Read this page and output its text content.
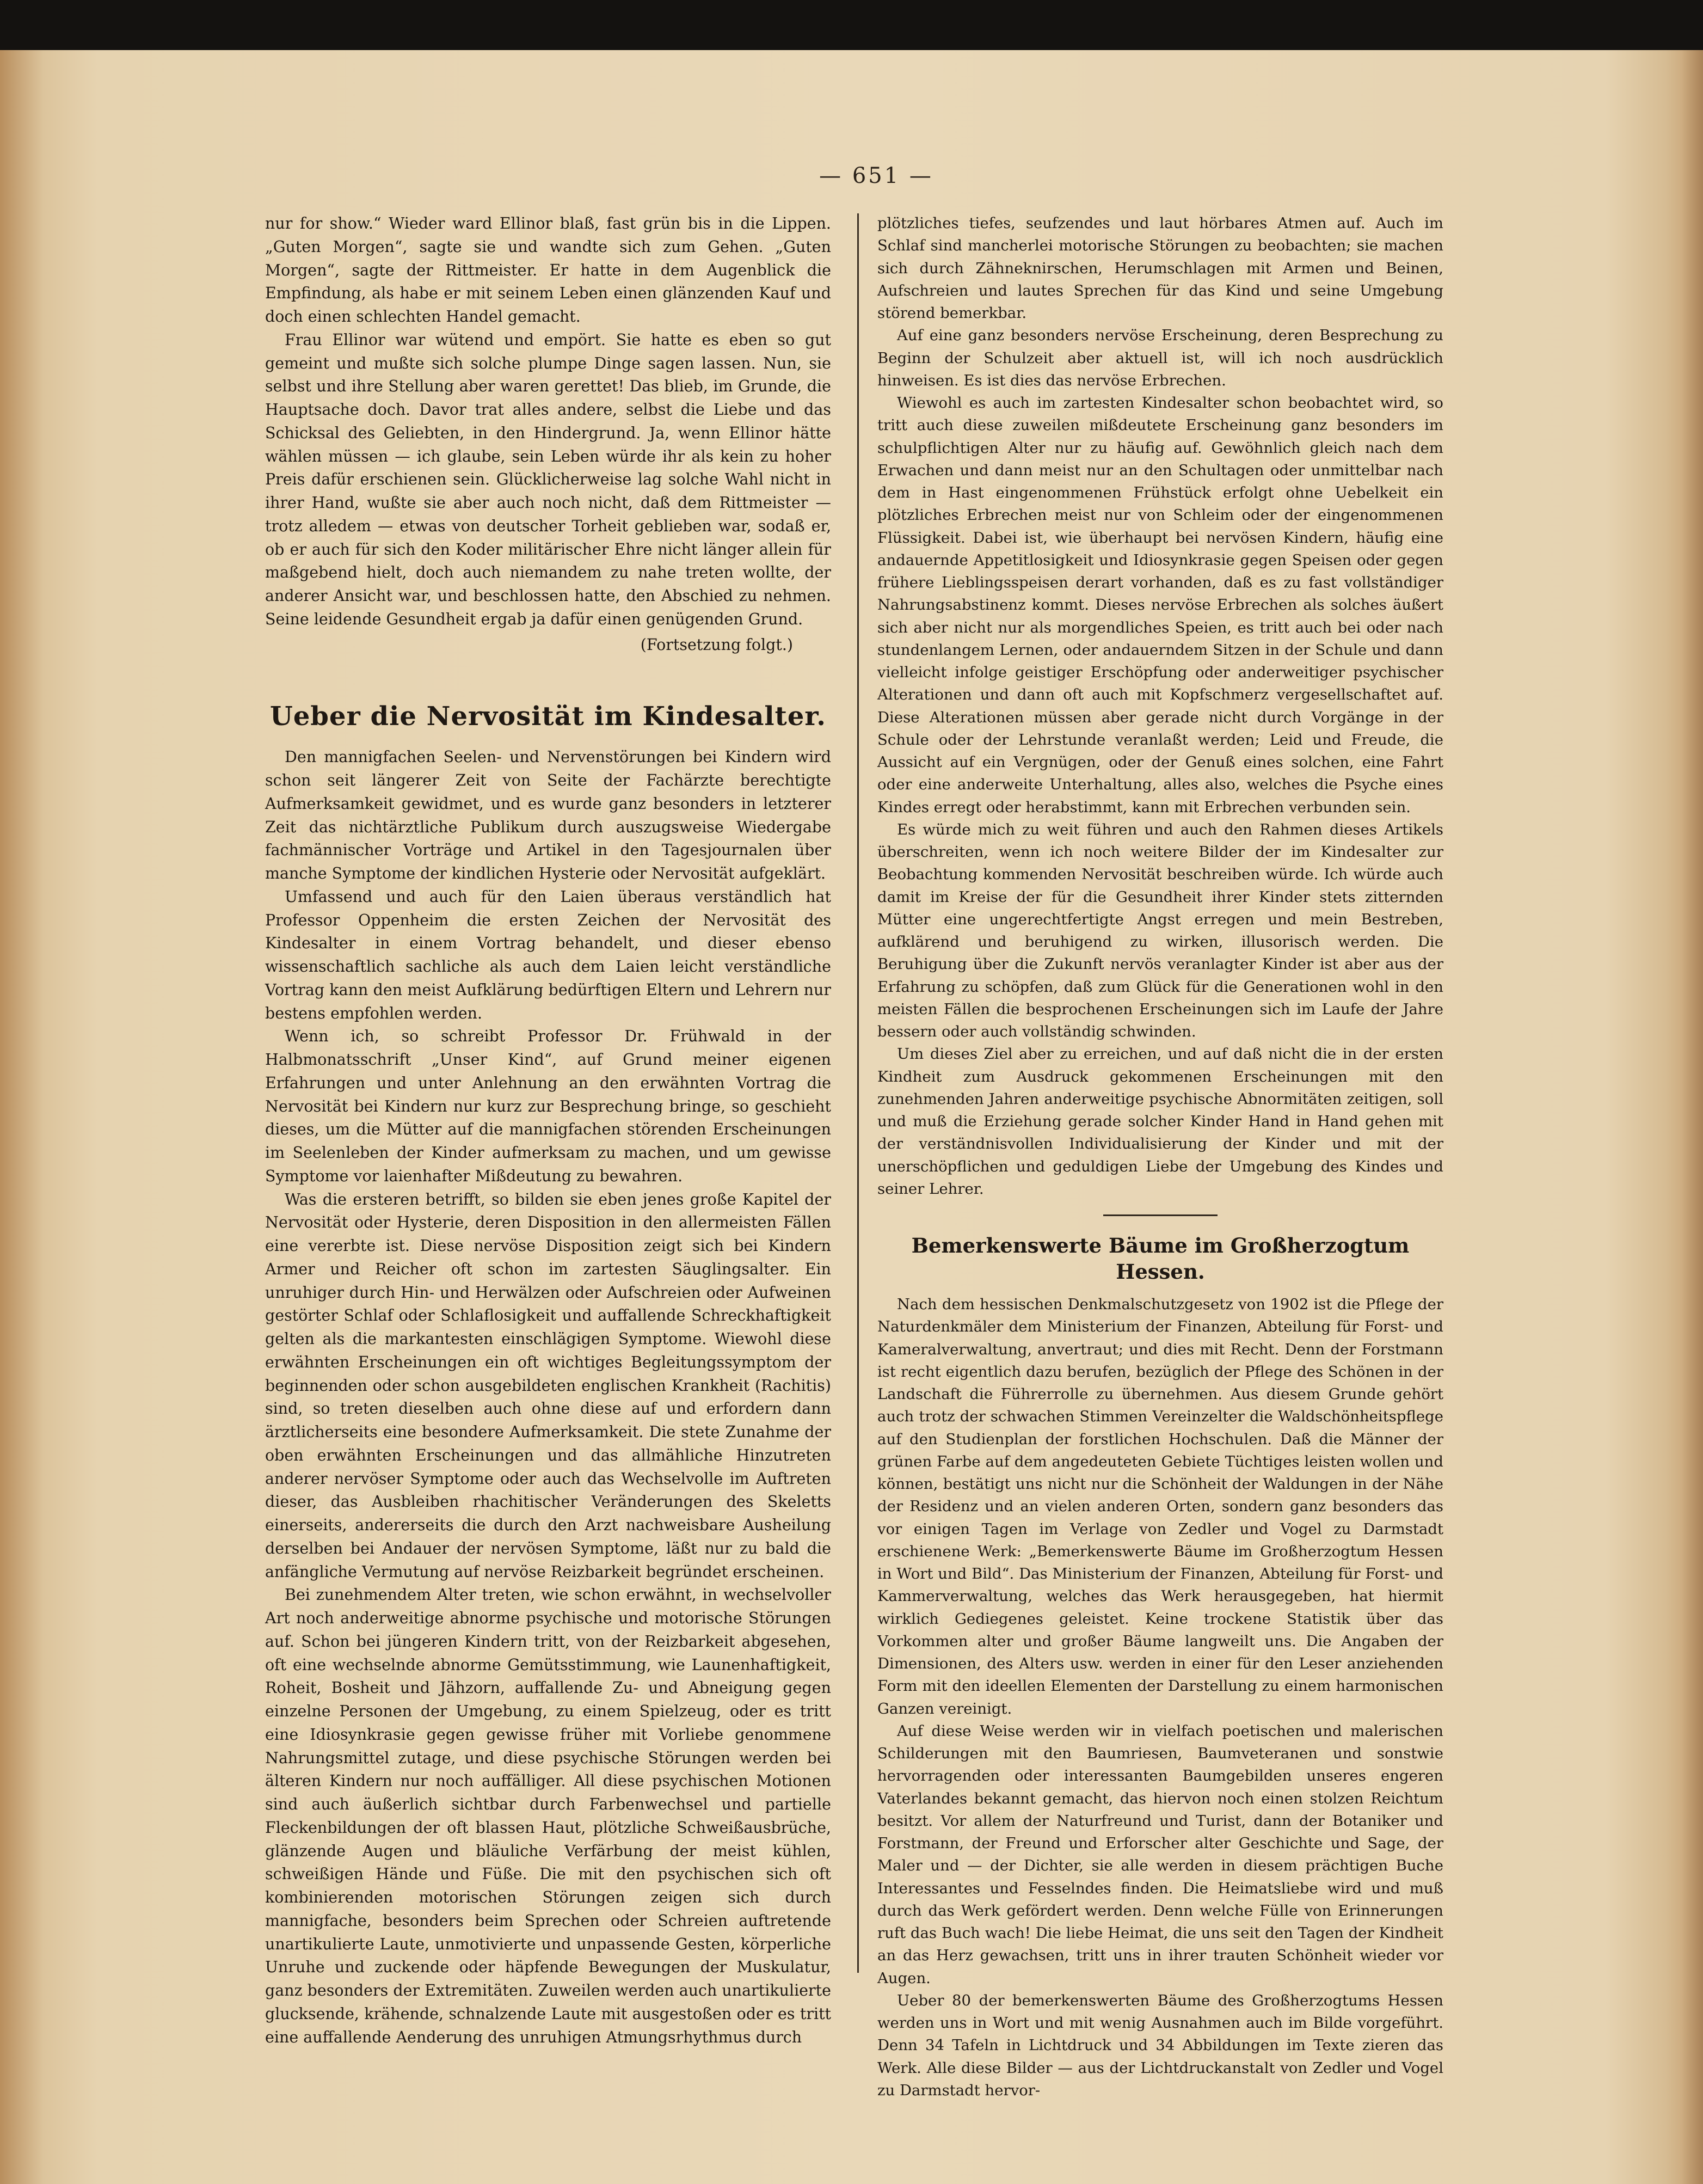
— 651 —

nur for show.“ Wieder ward Ellinor blaß, fast grün bis in die Lippen. „Guten Morgen“, sagte sie und wandte sich zum Gehen. „Guten Morgen“, sagte der Rittmeister. Er hatte in dem Augenblick die Empfindung, als habe er mit seinem Leben einen glänzenden Kauf und doch einen schlechten Handel gemacht.

Frau Ellinor war wütend und empört. Sie hatte es eben so gut gemeint und mußte sich solche plumpe Dinge sagen lassen. Nun, sie selbst und ihre Stellung aber waren gerettet! Das blieb, im Grunde, die Hauptsache doch. Davor trat alles andere, selbst die Liebe und das Schicksal des Geliebten, in den Hindergrund. Ja, wenn Ellinor hätte wählen müssen — ich glaube, sein Leben würde ihr als kein zu hoher Preis dafür erschienen sein. Glücklicherweise lag solche Wahl nicht in ihrer Hand, wußte sie aber auch noch nicht, daß dem Rittmeister — trotz alledem — etwas von deutscher Torheit geblieben war, sodaß er, ob er auch für sich den Koder militärischer Ehre nicht länger allein für maßgebend hielt, doch auch niemandem zu nahe treten wollte, der anderer Ansicht war, und beschlossen hatte, den Abschied zu nehmen. Seine leidende Gesundheit ergab ja dafür einen genügenden Grund.

(Fortsetzung folgt.)

Ueber die Nervosität im Kindesalter.

Den mannigfachen Seelen- und Nervenstörungen bei Kindern wird schon seit längerer Zeit von Seite der Fachärzte berechtigte Aufmerksamkeit gewidmet, und es wurde ganz besonders in letzterer Zeit das nichtärztliche Publikum durch auszugsweise Wiedergabe fachmännischer Vorträge und Artikel in den Tagesjournalen über manche Symptome der kindlichen Hysterie oder Nervosität aufgeklärt.

Umfassend und auch für den Laien überaus verständlich hat Professor Oppenheim die ersten Zeichen der Nervosität des Kindesalter in einem Vortrag behandelt, und dieser ebenso wissenschaftlich sachliche als auch dem Laien leicht verständliche Vortrag kann den meist Aufklärung bedürftigen Eltern und Lehrern nur bestens empfohlen werden.

Wenn ich, so schreibt Professor Dr. Frühwald in der Halbmonatsschrift „Unser Kind“, auf Grund meiner eigenen Erfahrungen und unter Anlehnung an den erwähnten Vortrag die Nervosität bei Kindern nur kurz zur Besprechung bringe, so geschieht dieses, um die Mütter auf die mannigfachen störenden Erscheinungen im Seelenleben der Kinder aufmerksam zu machen, und um gewisse Symptome vor laienhafter Mißdeutung zu bewahren.

Was die ersteren betrifft, so bilden sie eben jenes große Kapitel der Nervosität oder Hysterie, deren Disposition in den allermeisten Fällen eine vererbte ist. Diese nervöse Disposition zeigt sich bei Kindern Armer und Reicher oft schon im zartesten Säuglingsalter. Ein unruhiger durch Hin- und Herwälzen oder Aufschreien oder Aufweinen gestörter Schlaf oder Schlaflosigkeit und auffallende Schreckhaftigkeit gelten als die markantesten einschlägigen Symptome. Wiewohl diese erwähnten Erscheinungen ein oft wichtiges Begleitungssymptom der beginnenden oder schon ausgebildeten englischen Krankheit (Rachitis) sind, so treten dieselben auch ohne diese auf und erfordern dann ärztlicherseits eine besondere Aufmerksamkeit. Die stete Zunahme der oben erwähnten Erscheinungen und das allmähliche Hinzutreten anderer nervöser Symptome oder auch das Wechselvolle im Auftreten dieser, das Ausbleiben rhachitischer Veränderungen des Skeletts einerseits, andererseits die durch den Arzt nachweisbare Ausheilung derselben bei Andauer der nervösen Symptome, läßt nur zu bald die anfängliche Vermutung auf nervöse Reizbarkeit begründet erscheinen.

Bei zunehmendem Alter treten, wie schon erwähnt, in wechselvoller Art noch anderweitige abnorme psychische und motorische Störungen auf. Schon bei jüngeren Kindern tritt, von der Reizbarkeit abgesehen, oft eine wechselnde abnorme Gemütsstimmung, wie Launenhaftigkeit, Roheit, Bosheit und Jähzorn, auffallende Zu- und Abneigung gegen einzelne Personen der Umgebung, zu einem Spielzeug, oder es tritt eine Idiosynkrasie gegen gewisse früher mit Vorliebe genommene Nahrungsmittel zutage, und diese psychische Störungen werden bei älteren Kindern nur noch auffälliger. All diese psychischen Motionen sind auch äußerlich sichtbar durch Farbenwechsel und partielle Fleckenbildungen der oft blassen Haut, plötzliche Schweißausbrüche, glänzende Augen und bläuliche Verfärbung der meist kühlen, schweißigen Hände und Füße. Die mit den psychischen sich oft kombinierenden motorischen Störungen zeigen sich durch mannigfache, besonders beim Sprechen oder Schreien auftretende unartikulierte Laute, unmotivierte und unpassende Gesten, körperliche Unruhe und zuckende oder häpfende Bewegungen der Muskulatur, ganz besonders der Extremitäten. Zuweilen werden auch unartikulierte glucksende, krähende, schnalzende Laute mit ausgestoßen oder es tritt eine auffallende Aenderung des unruhigen Atmungsrhythmus durch

plötzliches tiefes, seufzendes und laut hörbares Atmen auf. Auch im Schlaf sind mancherlei motorische Störungen zu beobachten; sie machen sich durch Zähneknirschen, Herumschlagen mit Armen und Beinen, Aufschreien und lautes Sprechen für das Kind und seine Umgebung störend bemerkbar.

Auf eine ganz besonders nervöse Erscheinung, deren Besprechung zu Beginn der Schulzeit aber aktuell ist, will ich noch ausdrücklich hinweisen. Es ist dies das nervöse Erbrechen.

Wiewohl es auch im zartesten Kindesalter schon beobachtet wird, so tritt auch diese zuweilen mißdeutete Erscheinung ganz besonders im schulpflichtigen Alter nur zu häufig auf. Gewöhnlich gleich nach dem Erwachen und dann meist nur an den Schultagen oder unmittelbar nach dem in Hast eingenommenen Frühstück erfolgt ohne Uebelkeit ein plötzliches Erbrechen meist nur von Schleim oder der eingenommenen Flüssigkeit. Dabei ist, wie überhaupt bei nervösen Kindern, häufig eine andauernde Appetitlosigkeit und Idiosynkrasie gegen Speisen oder gegen frühere Lieblingsspeisen derart vorhanden, daß es zu fast vollständiger Nahrungsabstinenz kommt. Dieses nervöse Erbrechen als solches äußert sich aber nicht nur als morgendliches Speien, es tritt auch bei oder nach stundenlangem Lernen, oder andauerndem Sitzen in der Schule und dann vielleicht infolge geistiger Erschöpfung oder anderweitiger psychischer Alterationen und dann oft auch mit Kopfschmerz vergesellschaftet auf. Diese Alterationen müssen aber gerade nicht durch Vorgänge in der Schule oder der Lehrstunde veranlaßt werden; Leid und Freude, die Aussicht auf ein Vergnügen, oder der Genuß eines solchen, eine Fahrt oder eine anderweite Unterhaltung, alles also, welches die Psyche eines Kindes erregt oder herabstimmt, kann mit Erbrechen verbunden sein.

Es würde mich zu weit führen und auch den Rahmen dieses Artikels überschreiten, wenn ich noch weitere Bilder der im Kindesalter zur Beobachtung kommenden Nervosität beschreiben würde. Ich würde auch damit im Kreise der für die Gesundheit ihrer Kinder stets zitternden Mütter eine ungerechtfertigte Angst erregen und mein Bestreben, aufklärend und beruhigend zu wirken, illusorisch werden. Die Beruhigung über die Zukunft nervös veranlagter Kinder ist aber aus der Erfahrung zu schöpfen, daß zum Glück für die Generationen wohl in den meisten Fällen die besprochenen Erscheinungen sich im Laufe der Jahre bessern oder auch vollständig schwinden.

Um dieses Ziel aber zu erreichen, und auf daß nicht die in der ersten Kindheit zum Ausdruck gekommenen Erscheinungen mit den zunehmenden Jahren anderweitige psychische Abnormitäten zeitigen, soll und muß die Erziehung gerade solcher Kinder Hand in Hand gehen mit der verständnisvollen Individualisierung der Kinder und mit der unerschöpflichen und geduldigen Liebe der Umgebung des Kindes und seiner Lehrer.

Bemerkenswerte Bäume im Großherzogtum Hessen.

Nach dem hessischen Denkmalschutzgesetz von 1902 ist die Pflege der Naturdenkmäler dem Ministerium der Finanzen, Abteilung für Forst- und Kameralverwaltung, anvertraut; und dies mit Recht. Denn der Forstmann ist recht eigentlich dazu berufen, bezüglich der Pflege des Schönen in der Landschaft die Führerrolle zu übernehmen. Aus diesem Grunde gehört auch trotz der schwachen Stimmen Vereinzelter die Waldschönheitspflege auf den Studienplan der forstlichen Hochschulen. Daß die Männer der grünen Farbe auf dem angedeuteten Gebiete Tüchtiges leisten wollen und können, bestätigt uns nicht nur die Schönheit der Waldungen in der Nähe der Residenz und an vielen anderen Orten, sondern ganz besonders das vor einigen Tagen im Verlage von Zedler und Vogel zu Darmstadt erschienene Werk: „Bemerkenswerte Bäume im Großherzogtum Hessen in Wort und Bild“. Das Ministerium der Finanzen, Abteilung für Forst- und Kammerverwaltung, welches das Werk herausgegeben, hat hiermit wirklich Gediegenes geleistet. Keine trockene Statistik über das Vorkommen alter und großer Bäume langweilt uns. Die Angaben der Dimensionen, des Alters usw. werden in einer für den Leser anziehenden Form mit den ideellen Elementen der Darstellung zu einem harmonischen Ganzen vereinigt.

Auf diese Weise werden wir in vielfach poetischen und malerischen Schilderungen mit den Baumriesen, Baumveteranen und sonstwie hervorragenden oder interessanten Baumgebilden unseres engeren Vaterlandes bekannt gemacht, das hiervon noch einen stolzen Reichtum besitzt. Vor allem der Naturfreund und Turist, dann der Botaniker und Forstmann, der Freund und Erforscher alter Geschichte und Sage, der Maler und — der Dichter, sie alle werden in diesem prächtigen Buche Interessantes und Fesselndes finden. Die Heimatsliebe wird und muß durch das Werk gefördert werden. Denn welche Fülle von Erinnerungen ruft das Buch wach! Die liebe Heimat, die uns seit den Tagen der Kindheit an das Herz gewachsen, tritt uns in ihrer trauten Schönheit wieder vor Augen.

Ueber 80 der bemerkenswerten Bäume des Großherzogtums Hessen werden uns in Wort und mit wenig Ausnahmen auch im Bilde vorgeführt. Denn 34 Tafeln in Lichtdruck und 34 Abbildungen im Texte zieren das Werk. Alle diese Bilder — aus der Lichtdruckanstalt von Zedler und Vogel zu Darmstadt hervor-
